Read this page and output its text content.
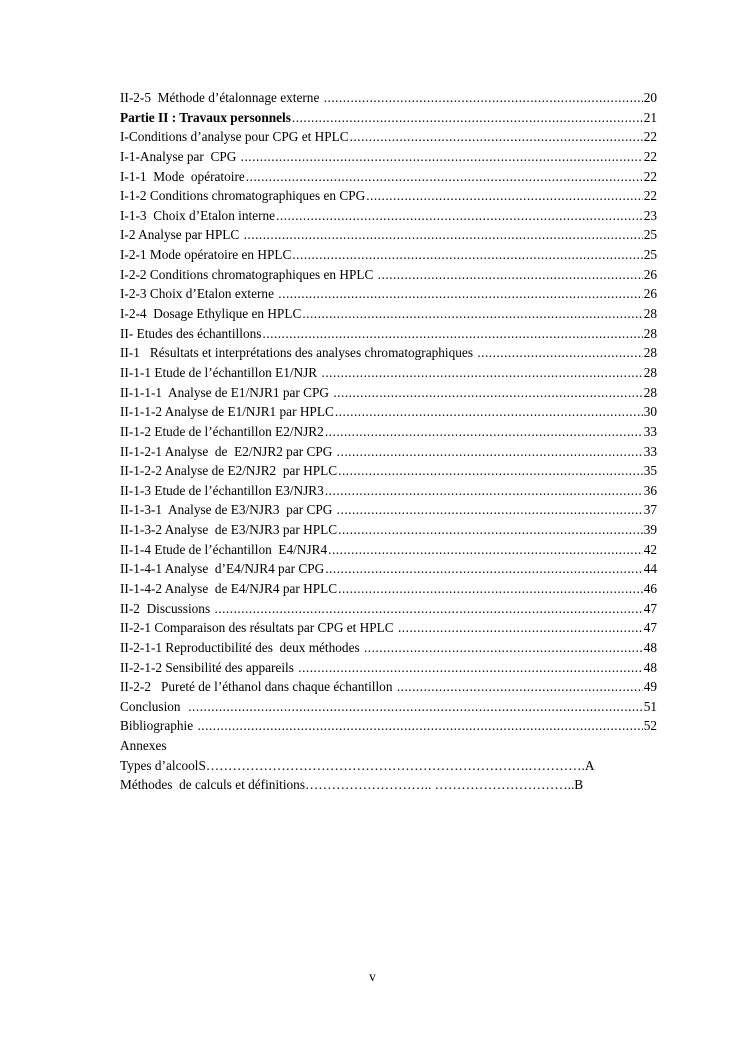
II-2-5  Méthode d’étalonnage externe .....	20
Partie II : Travaux personnels .....	21
I-Conditions d’analyse pour CPG et HPLC .....	22
I-1-Analyse par  CPG .....	22
I-1-1  Mode  opératoire .....	22
I-1-2 Conditions chromatographiques en CPG .....	22
I-1-3  Choix d’Etalon interne .....	23
I-2 Analyse par HPLC .....	25
I-2-1 Mode opératoire en HPLC .....	25
I-2-2 Conditions chromatographiques en HPLC .....	26
I-2-3 Choix d’Etalon externe .....	26
I-2-4  Dosage Ethylique en HPLC .....	28
II- Etudes des échantillons .....	28
II-1   Résultats et interprétations des analyses chromatographiques .....	28
II-1-1 Etude de l’échantillon E1/NJR .....	28
II-1-1-1  Analyse de E1/NJR1 par CPG .....	28
II-1-1-2 Analyse de E1/NJR1 par HPLC .....	30
II-1-2 Etude de l’échantillon E2/NJR2 .....	33
II-1-2-1 Analyse  de  E2/NJR2 par CPG .....	33
II-1-2-2 Analyse de E2/NJR2  par HPLC .....	35
II-1-3 Etude de l’échantillon E3/NJR3 .....	36
II-1-3-1  Analyse de E3/NJR3  par CPG .....	37
II-1-3-2 Analyse  de E3/NJR3 par HPLC .....	39
II-1-4 Etude de l’échantillon  E4/NJR4 .....	42
II-1-4-1 Analyse  d’E4/NJR4 par CPG .....	44
II-1-4-2 Analyse  de E4/NJR4 par HPLC .....	46
II-2  Discussions .....	47
II-2-1 Comparaison des résultats par CPG et HPLC .....	47
II-2-1-1 Reproductibilité des  deux méthodes .....	48
II-2-1-2 Sensibilité des appareils .....	48
II-2-2   Pureté de l’éthanol dans chaque échantillon .....	49
Conclusion .....	51
Bibliographie .....	52
Annexes
Types d’alcoolS……………………………………………………………….………….A
Méthodes  de calculs et définitions……………………….. …………………………..B
v
